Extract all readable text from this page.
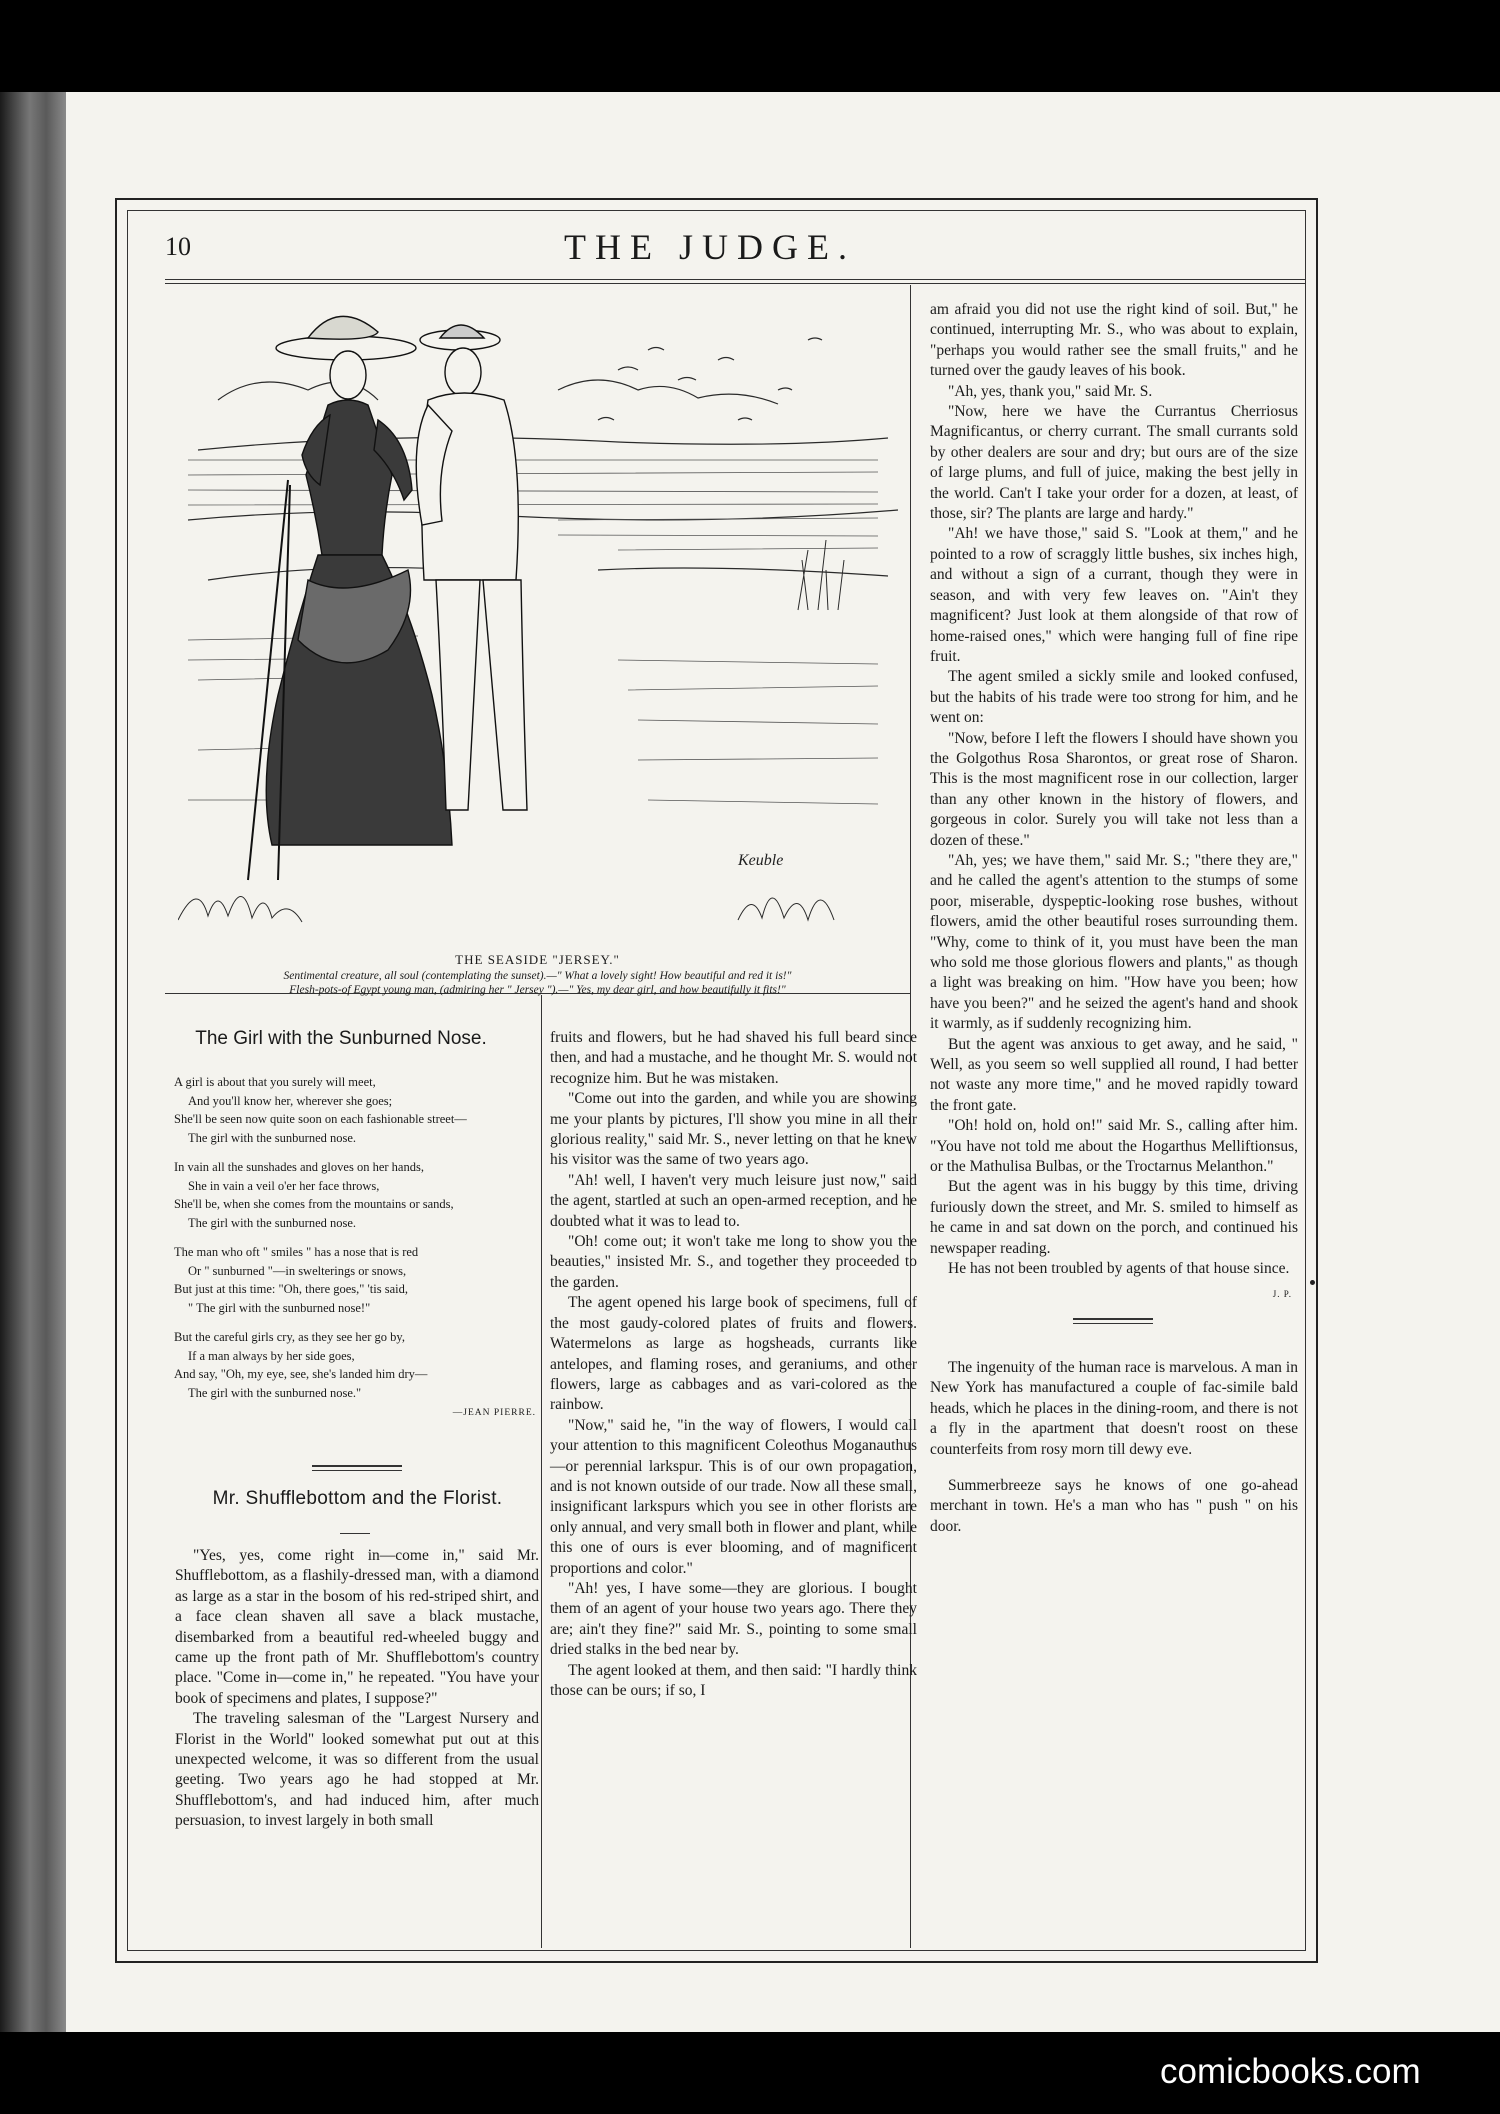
10	THE JUDGE.
Keuble
THE SEASIDE "JERSEY."
Sentimental creature, all soul (contemplating the sunset).—" What a lovely sight! How beautiful and red it is!"
Flesh-pots-of Egypt young man, (admiring her " Jersey ").—" Yes, my dear girl, and how beautifully it fits!"
The Girl with the Sunburned Nose.
A girl is about that you surely will meet,
And you'll know her, wherever she goes;
She'll be seen now quite soon on each fashionable street—
The girl with the sunburned nose.
In vain all the sunshades and gloves on her hands,
She in vain a veil o'er her face throws,
She'll be, when she comes from the mountains or sands,
The girl with the sunburned nose.
The man who oft " smiles " has a nose that is red
Or " sunburned "—in swelterings or snows,
But just at this time: "Oh, there goes," 'tis said,
" The girl with the sunburned nose!"
But the careful girls cry, as they see her go by,
If a man always by her side goes,
And say, "Oh, my eye, see, she's landed him dry—
The girl with the sunburned nose."
—JEAN PIERRE.
Mr. Shufflebottom and the Florist.

"Yes, yes, come right in—come in," said Mr. Shufflebottom, as a flashily-dressed man, with a diamond as large as a star in the bosom of his red-striped shirt, and a face clean shaven all save a black mustache, disembarked from a beautiful red-wheeled buggy and came up the front path of Mr. Shufflebottom's country place. "Come in—come in," he repeated. "You have your book of specimens and plates, I suppose?"

The traveling salesman of the "Largest Nursery and Florist in the World" looked somewhat put out at this unexpected welcome, it was so different from the usual geeting. Two years ago he had stopped at Mr. Shufflebottom's, and had induced him, after much persuasion, to invest largely in both small

fruits and flowers, but he had shaved his full beard since then, and had a mustache, and he thought Mr. S. would not recognize him. But he was mistaken.

"Come out into the garden, and while you are showing me your plants by pictures, I'll show you mine in all their glorious reality," said Mr. S., never letting on that he knew his visitor was the same of two years ago.

"Ah! well, I haven't very much leisure just now," said the agent, startled at such an open-armed reception, and he doubted what it was to lead to.

"Oh! come out; it won't take me long to show you the beauties," insisted Mr. S., and together they proceeded to the garden.

The agent opened his large book of specimens, full of the most gaudy-colored plates of fruits and flowers. Watermelons as large as hogsheads, currants like antelopes, and flaming roses, and geraniums, and other flowers, large as cabbages and as vari-colored as the rainbow.

"Now," said he, "in the way of flowers, I would call your attention to this magnificent Coleothus Moganauthus—or perennial larkspur. This is of our own propagation, and is not known outside of our trade. Now all these small, insignificant larkspurs which you see in other florists are only annual, and very small both in flower and plant, while this one of ours is ever blooming, and of magnificent proportions and color."

"Ah! yes, I have some—they are glorious. I bought them of an agent of your house two years ago. There they are; ain't they fine?" said Mr. S., pointing to some small dried stalks in the bed near by.

The agent looked at them, and then said: "I hardly think those can be ours; if so, I

am afraid you did not use the right kind of soil. But," he continued, interrupting Mr. S., who was about to explain, "perhaps you would rather see the small fruits," and he turned over the gaudy leaves of his book.

"Ah, yes, thank you," said Mr. S.

"Now, here we have the Currantus Cherriosus Magnificantus, or cherry currant. The small currants sold by other dealers are sour and dry; but ours are of the size of large plums, and full of juice, making the best jelly in the world. Can't I take your order for a dozen, at least, of those, sir? The plants are large and hardy."

"Ah! we have those," said S. "Look at them," and he pointed to a row of scraggly little bushes, six inches high, and without a sign of a currant, though they were in season, and with very few leaves on. "Ain't they magnificent? Just look at them alongside of that row of home-raised ones," which were hanging full of fine ripe fruit.

The agent smiled a sickly smile and looked confused, but the habits of his trade were too strong for him, and he went on:

"Now, before I left the flowers I should have shown you the Golgothus Rosa Sharontos, or great rose of Sharon. This is the most magnificent rose in our collection, larger than any other known in the history of flowers, and gorgeous in color. Surely you will take not less than a dozen of these."

"Ah, yes; we have them," said Mr. S.; "there they are," and he called the agent's attention to the stumps of some poor, miserable, dyspeptic-looking rose bushes, without flowers, amid the other beautiful roses surrounding them. "Why, come to think of it, you must have been the man who sold me those glorious flowers and plants," as though a light was breaking on him. "How have you been; how have you been?" and he seized the agent's hand and shook it warmly, as if suddenly recognizing him.

But the agent was anxious to get away, and he said, " Well, as you seem so well supplied all round, I had better not waste any more time," and he moved rapidly toward the front gate.

"Oh! hold on, hold on!" said Mr. S., calling after him. "You have not told me about the Hogarthus Melliftionsus, or the Mathulisa Bulbas, or the Troctarnus Melanthon."

But the agent was in his buggy by this time, driving furiously down the street, and Mr. S. smiled to himself as he came in and sat down on the porch, and continued his newspaper reading.

He has not been troubled by agents of that house since.

J. P.

The ingenuity of the human race is marvelous. A man in New York has manufactured a couple of fac-simile bald heads, which he places in the dining-room, and there is not a fly in the apartment that doesn't roost on these counterfeits from rosy morn till dewy eve.

Summerbreeze says he knows of one go-ahead merchant in town. He's a man who has " push " on his door.

comicbooks.com
